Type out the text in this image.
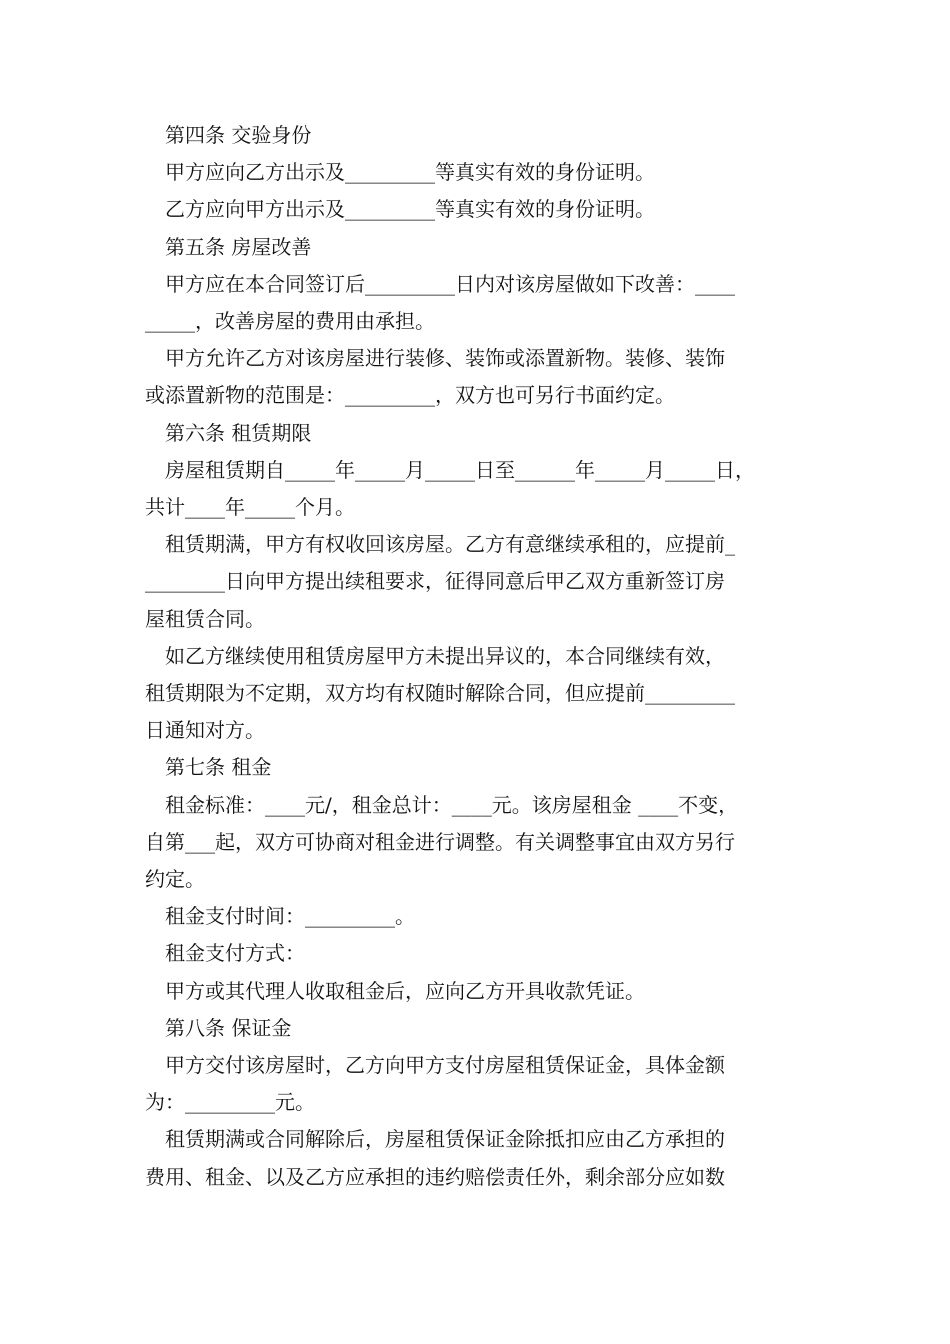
第四条 交验身份

甲方应向乙方出示及_________等真实有效的身份证明。

乙方应向甲方出示及_________等真实有效的身份证明。

第五条 房屋改善

甲方应在本合同签订后_________日内对该房屋做如下改善：____

_____，改善房屋的费用由承担。

甲方允许乙方对该房屋进行装修、装饰或添置新物。装修、装饰

或添置新物的范围是：_________，双方也可另行书面约定。

第六条 租赁期限

房屋租赁期自_____年_____月_____日至______年_____月_____日，

共计____年_____个月。

租赁期满，甲方有权收回该房屋。乙方有意继续承租的，应提前_

________日向甲方提出续租要求，征得同意后甲乙双方重新签订房

屋租赁合同。

如乙方继续使用租赁房屋甲方未提出异议的，本合同继续有效，

租赁期限为不定期，双方均有权随时解除合同，但应提前_________

日通知对方。

第七条 租金

租金标准：____元/，租金总计：____元。该房屋租金 ____不变，

自第___起，双方可协商对租金进行调整。有关调整事宜由双方另行

约定。

租金支付时间：_________。

租金支付方式：

甲方或其代理人收取租金后，应向乙方开具收款凭证。

第八条 保证金

甲方交付该房屋时，乙方向甲方支付房屋租赁保证金，具体金额

为：_________元。

租赁期满或合同解除后，房屋租赁保证金除抵扣应由乙方承担的

费用、租金、以及乙方应承担的违约赔偿责任外，剩余部分应如数
